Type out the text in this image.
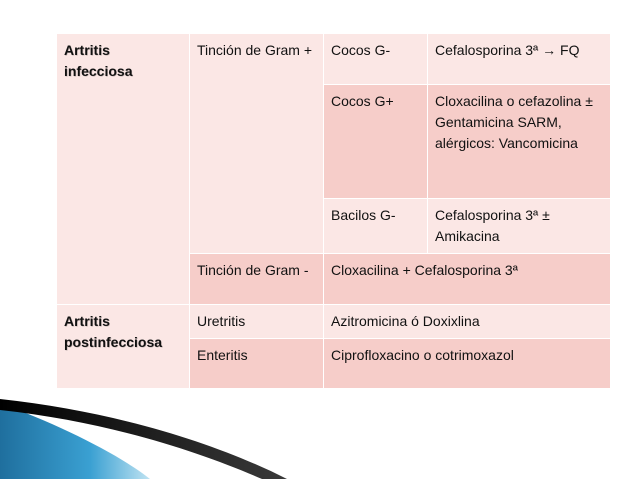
Artritis infecciosa	Tinción de Gram +	Cocos G-	Cefalosporina 3ª → FQ
		Cocos G+	Cloxacilina o cefazolina ± Gentamicina SARM, alérgicos: Vancomicina
		Bacilos G-	Cefalosporina 3ª ± Amikacina
	Tinción de Gram -	Cloxacilina + Cefalosporina 3ª	

Artritis postinfecciosa	Uretritis	Azitromicina ó Doxixlina	
	Enteritis	Ciprofloxacino o cotrimoxazol	
